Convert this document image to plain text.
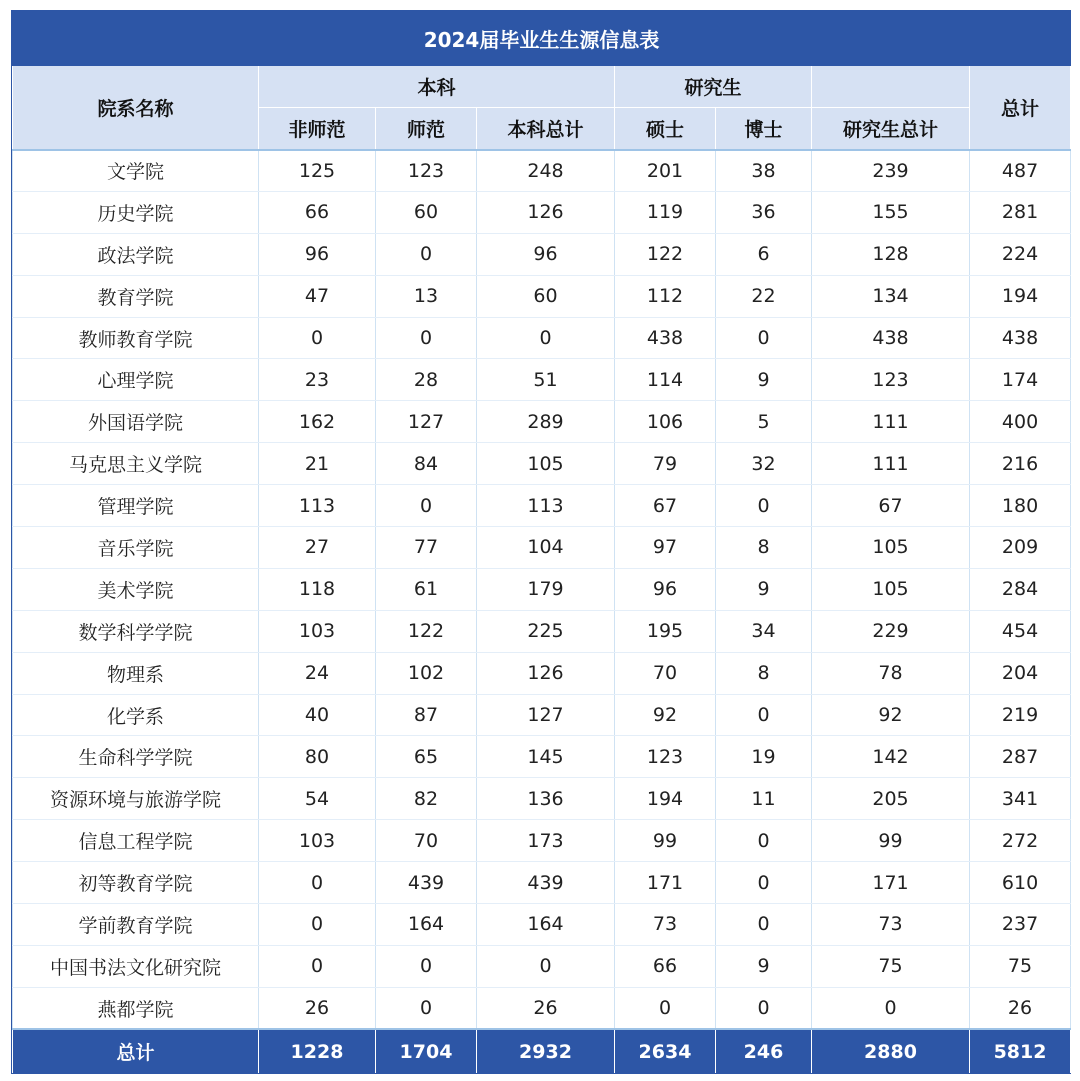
2024届毕业生生源信息表							
院系名称	本科			研究生			总计
	非师范	师范	本科总计	硕士	博士	研究生总计	
文学院	125	123	248	201	38	239	487
历史学院	66	60	126	119	36	155	281
政法学院	96	0	96	122	6	128	224
教育学院	47	13	60	112	22	134	194
教师教育学院	0	0	0	438	0	438	438
心理学院	23	28	51	114	9	123	174
外国语学院	162	127	289	106	5	111	400
马克思主义学院	21	84	105	79	32	111	216
管理学院	113	0	113	67	0	67	180
音乐学院	27	77	104	97	8	105	209
美术学院	118	61	179	96	9	105	284
数学科学学院	103	122	225	195	34	229	454
物理系	24	102	126	70	8	78	204
化学系	40	87	127	92	0	92	219
生命科学学院	80	65	145	123	19	142	287
资源环境与旅游学院	54	82	136	194	11	205	341
信息工程学院	103	70	173	99	0	99	272
初等教育学院	0	439	439	171	0	171	610
学前教育学院	0	164	164	73	0	73	237
中国书法文化研究院	0	0	0	66	9	75	75
燕都学院	26	0	26	0	0	0	26
总计	1228	1704	2932	2634	246	2880	5812
